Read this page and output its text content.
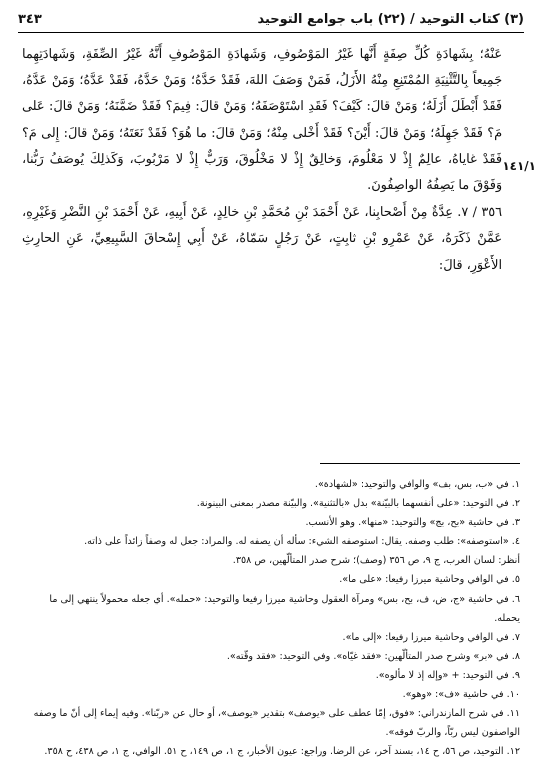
(٣) كتاب التوحيد / (٢٢) باب جوامع التوحيد
٣٤٣

عَنْهُ؛ بِشَهادَةِ كُلِّ صِفَةٍ أَنَّها غَيْرُ المَوْصُوفِ، وَشَهادَةِ المَوْصُوفِ أَنَّهُ غَيْرُ الصِّفَةِ، وَشَهادَتِهِما جَمِيعاً بِالتَّثْنِيَةِ المُمْتَنِعِ مِنْهُ الأَزَلُ، فَمَنْ وَصَفَ اللهَ، فَقَدْ حَدَّهُ؛ وَمَنْ حَدَّهُ، فَقَدْ عَدَّهُ؛ وَمَنْ عَدَّهُ، فَقَدْ أَبْطَلَ أَزَلَهُ؛ وَمَنْ قالَ: كَيْفَ؟ فَقَدِ اسْتَوْصَفَهُ؛ وَمَنْ قالَ: فِيمَ؟ فَقَدْ ضَمَّنَهُ؛ وَمَنْ قالَ: عَلى مَ؟ فَقَدْ جَهِلَهُ؛ وَمَنْ قالَ: أَيْنَ؟ فَقَدْ أَخْلى مِنْهُ؛ وَمَنْ قالَ: ما هُوَ؟ فَقَدْ نَعَتَهُ؛ وَمَنْ قالَ: إِلى مَ؟ فَقَدْ غاياهُ، عالِمٌ إِذْ لا مَعْلُومَ، وَخالِقٌ إِذْ لا مَخْلُوقَ، وَرَبٌّ إِذْ لا مَرْبُوبَ، وَكَذلِكَ يُوصَفُ رَبُّنا، وَفَوْقَ ما يَصِفُهُ الواصِفُونَ.

٣٥٦ / ٧. عِدَّةٌ مِنْ أَصْحابِنا، عَنْ أَحْمَدَ بْنِ مُحَمَّدِ بْنِ خالِدٍ، عَنْ أَبِيهِ، عَنْ أَحْمَدَ بْنِ النَّضْرِ وَغَيْرِهِ، عَمَّنْ ذَكَرَهُ، عَنْ عَمْرِو بْنِ ثابِتٍ، عَنْ رَجُلٍ سَمّاهُ، عَنْ أَبِي إِسْحاقَ السَّبِيعِيِّ، عَنِ الحارِثِ الأَعْوَرِ، قالَ:

١٤١/١
١. في «ب، بس، بف» والوافي والتوحيد: «لشهادة».
٢. في التوحيد: «على أنفسهما بالبيّنة» بدل «بالتثنية». والبيّنة مصدر بمعنى البينونة.
٣. في حاشية «بح، بج» والتوحيد: «منها». وهو الأنسب.
٤. «استوصفه»: طلب وصفه. يقال: استوصفه الشيء: سأله أن يصفه له. والمراد: جعل له وصفاً زائداً على ذاته.
أنظر: لسان العرب، ج ٩، ص ٣٥٦ (وصف)؛ شرح صدر المتألّهين، ص ٣٥٨.
٥. في الوافي وحاشية ميرزا رفيعا: «على ما».
٦. في حاشية «ج، ض، ف، بح، بس» ومرآة العقول وحاشية ميرزا رفيعا والتوحيد: «حمله». أي جعله محمولاً ينتهي إلى ما يحمله.
٧. في الوافي وحاشية ميرزا رفيعا: «إلى ما».
٨. في «بر» وشرح صدر المتألّهين: «فقد غيّاه». وفي التوحيد: «فقد وقّته».
٩. في التوحيد: + «وإله إذ لا مألوه».
١٠. في حاشية «ف»: «وهو».
١١. في شرح المازندراني: «فوق، إمّا عطف على «يوصف» بتقدير «يوصف»، أو حال عن «ربّنا». وفيه إيماء إلى أنّ ما وصفه الواصفون ليس ربّاً، والربّ فوقه».
١٢. التوحيد، ص ٥٦، ح ١٤، بسند آخر، عن الرضا. وراجع: عيون الأخبار، ج ١، ص ١٤٩، ح ٥١. الوافي، ج ١، ص ٤٣٨، ح ٣٥٨.
